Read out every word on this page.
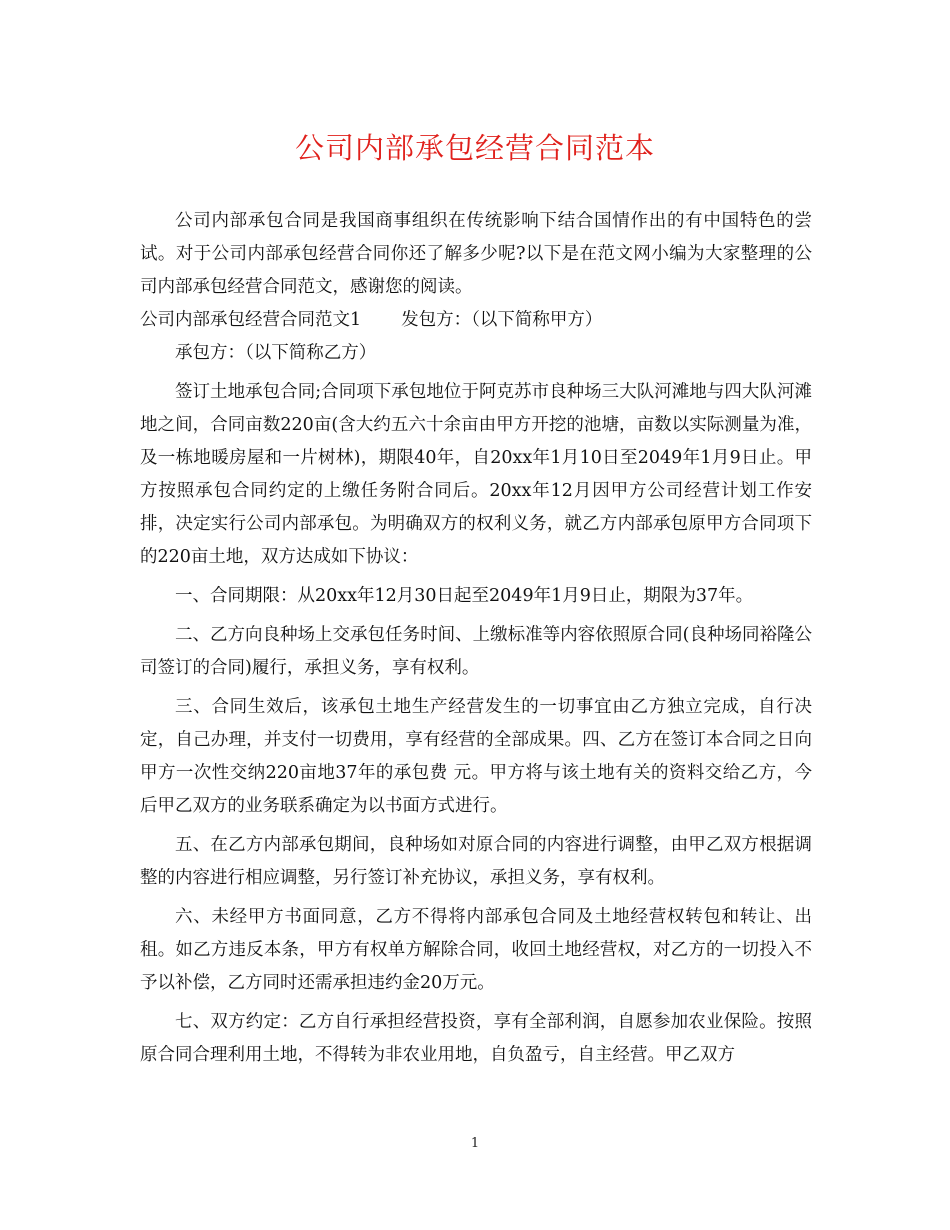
公司内部承包经营合同范本

公司内部承包合同是我国商事组织在传统影响下结合国情作出的有中国特色的尝试。对于公司内部承包经营合同你还了解多少呢?以下是在范文网小编为大家整理的公司内部承包经营合同范文，感谢您的阅读。

公司内部承包经营合同范文1 发包方：（以下简称甲方）

承包方：（以下简称乙方）

签订土地承包合同;合同项下承包地位于阿克苏市良种场三大队河滩地与四大队河滩地之间，合同亩数220亩(含大约五六十余亩由甲方开挖的池塘，亩数以实际测量为准，及一栋地暖房屋和一片树林)，期限40年，自20xx年1月10日至2049年1月9日止。甲方按照承包合同约定的上缴任务附合同后。20xx年12月因甲方公司经营计划工作安排，决定实行公司内部承包。为明确双方的权利义务，就乙方内部承包原甲方合同项下的220亩土地，双方达成如下协议：

一、合同期限：从20xx年12月30日起至2049年1月9日止，期限为37年。

二、乙方向良种场上交承包任务时间、上缴标准等内容依照原合同(良种场同裕隆公司签订的合同)履行，承担义务，享有权利。

三、合同生效后，该承包土地生产经营发生的一切事宜由乙方独立完成，自行决定，自己办理，并支付一切费用，享有经营的全部成果。四、乙方在签订本合同之日向甲方一次性交纳220亩地37年的承包费 元。甲方将与该土地有关的资料交给乙方，今后甲乙双方的业务联系确定为以书面方式进行。

五、在乙方内部承包期间，良种场如对原合同的内容进行调整，由甲乙双方根据调整的内容进行相应调整，另行签订补充协议，承担义务，享有权利。

六、未经甲方书面同意，乙方不得将内部承包合同及土地经营权转包和转让、出租。如乙方违反本条，甲方有权单方解除合同，收回土地经营权，对乙方的一切投入不予以补偿，乙方同时还需承担违约金20万元。

七、双方约定：乙方自行承担经营投资，享有全部利润，自愿参加农业保险。按照原合同合理利用土地，不得转为非农业用地，自负盈亏，自主经营。甲乙双方

1
